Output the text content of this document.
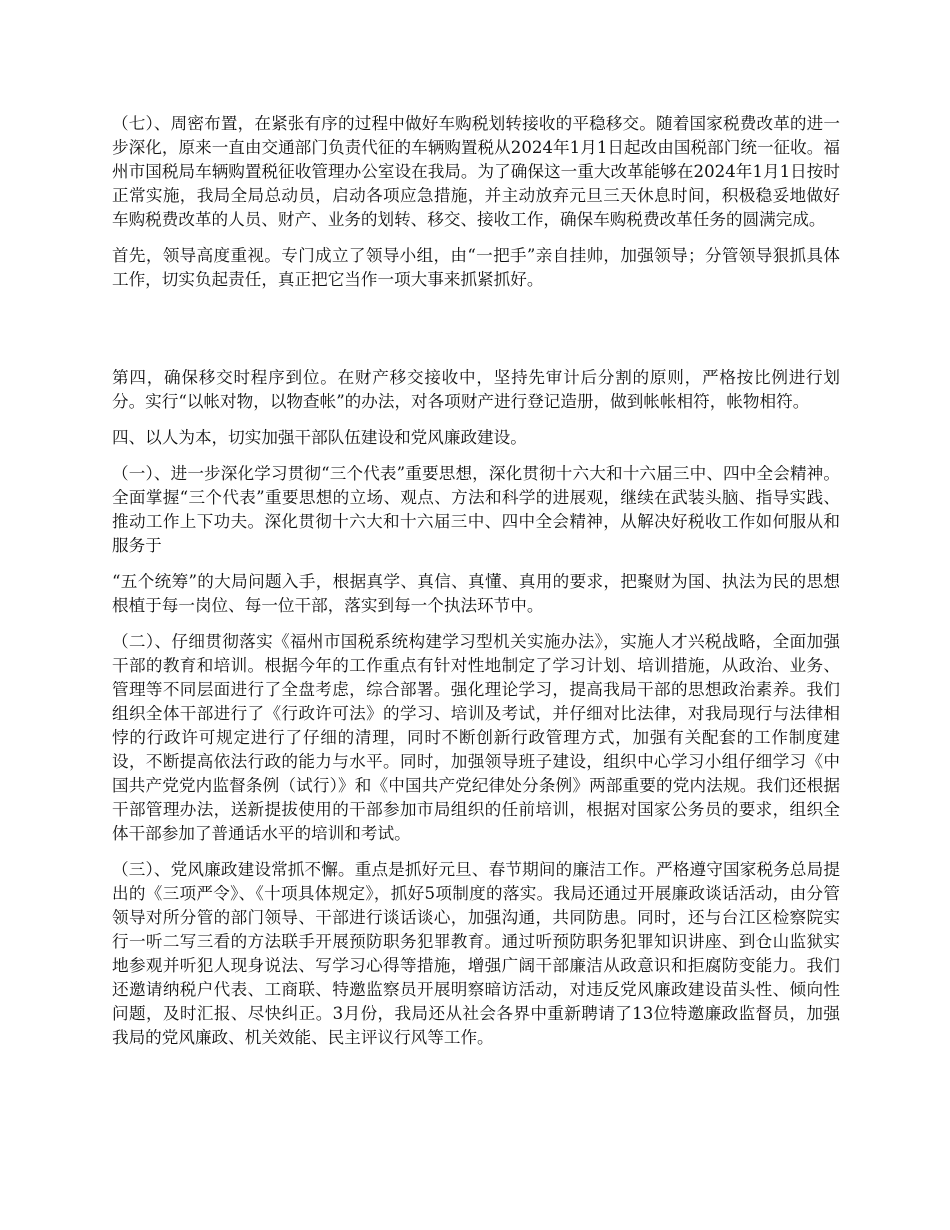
（七）、周密布置，在紧张有序的过程中做好车购税划转接收的平稳移交。随着国家税费改革的进一步深化，原来一直由交通部门负责代征的车辆购置税从2024年1月1日起改由国税部门统一征收。福州市国税局车辆购置税征收管理办公室设在我局。为了确保这一重大改革能够在2024年1月1日按时正常实施，我局全局总动员，启动各项应急措施，并主动放弃元旦三天休息时间，积极稳妥地做好车购税费改革的人员、财产、业务的划转、移交、接收工作，确保车购税费改革任务的圆满完成。

首先，领导高度重视。专门成立了领导小组，由“一把手”亲自挂帅，加强领导；分管领导狠抓具体工作，切实负起责任，真正把它当作一项大事来抓紧抓好。

第四，确保移交时程序到位。在财产移交接收中，坚持先审计后分割的原则，严格按比例进行划分。实行“以帐对物，以物查帐”的办法，对各项财产进行登记造册，做到帐帐相符，帐物相符。

四、以人为本，切实加强干部队伍建设和党风廉政建设。

（一）、进一步深化学习贯彻“三个代表”重要思想，深化贯彻十六大和十六届三中、四中全会精神。全面掌握“三个代表”重要思想的立场、观点、方法和科学的进展观，继续在武装头脑、指导实践、推动工作上下功夫。深化贯彻十六大和十六届三中、四中全会精神，从解决好税收工作如何服从和服务于

“五个统筹”的大局问题入手，根据真学、真信、真懂、真用的要求，把聚财为国、执法为民的思想根植于每一岗位、每一位干部，落实到每一个执法环节中。

（二）、仔细贯彻落实《福州市国税系统构建学习型机关实施办法》，实施人才兴税战略，全面加强干部的教育和培训。根据今年的工作重点有针对性地制定了学习计划、培训措施，从政治、业务、管理等不同层面进行了全盘考虑，综合部署。强化理论学习，提高我局干部的思想政治素养。我们组织全体干部进行了《行政许可法》的学习、培训及考试，并仔细对比法律，对我局现行与法律相悖的行政许可规定进行了仔细的清理，同时不断创新行政管理方式，加强有关配套的工作制度建设，不断提高依法行政的能力与水平。同时，加强领导班子建设，组织中心学习小组仔细学习《中国共产党党内监督条例（试行）》和《中国共产党纪律处分条例》两部重要的党内法规。我们还根据干部管理办法，送新提拔使用的干部参加市局组织的任前培训，根据对国家公务员的要求，组织全体干部参加了普通话水平的培训和考试。

（三）、党风廉政建设常抓不懈。重点是抓好元旦、春节期间的廉洁工作。严格遵守国家税务总局提出的《三项严令》、《十项具体规定》，抓好5项制度的落实。我局还通过开展廉政谈话活动，由分管领导对所分管的部门领导、干部进行谈话谈心，加强沟通，共同防患。同时，还与台江区检察院实行一听二写三看的方法联手开展预防职务犯罪教育。通过听预防职务犯罪知识讲座、到仓山监狱实地参观并听犯人现身说法、写学习心得等措施，增强广阔干部廉洁从政意识和拒腐防变能力。我们还邀请纳税户代表、工商联、特邀监察员开展明察暗访活动，对违反党风廉政建设苗头性、倾向性问题，及时汇报、尽快纠正。3月份，我局还从社会各界中重新聘请了13位特邀廉政监督员，加强我局的党风廉政、机关效能、民主评议行风等工作。
